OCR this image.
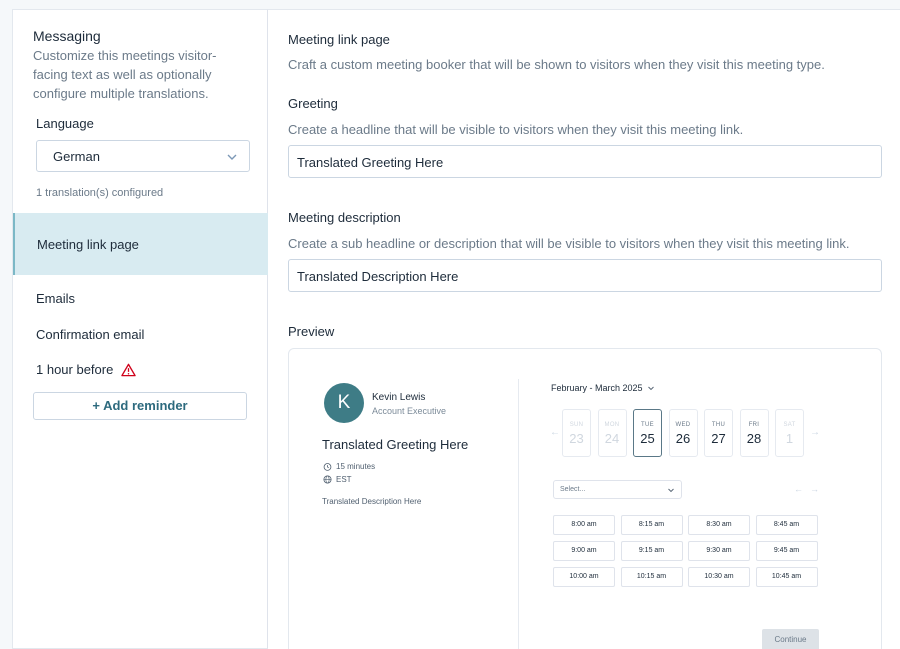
Messaging
Customize this meetings visitor-facing text as well as optionally configure multiple translations.
Language
German
1 translation(s) configured
Meeting link page
Emails
Confirmation email
1 hour before
+ Add reminder
Meeting link page
Craft a custom meeting booker that will be shown to visitors when they visit this meeting type.
Greeting
Create a headline that will be visible to visitors when they visit this meeting link.
Translated Greeting Here
Meeting description
Create a sub headline or description that will be visible to visitors when they visit this meeting link.
Translated Description Here
Preview
K	Kevin Lewis
Account Executive
Translated Greeting Here
15 minutes
EST
Translated Description Here
February - March 2025
←	→
SUN
23
MON
24
TUE
25
WED
26
THU
27
FRI
28
SAT
1
Select...	← →
8:00 am	8:15 am	8:30 am	8:45 am
9:00 am	9:15 am	9:30 am	9:45 am
10:00 am	10:15 am	10:30 am	10:45 am
Continue
